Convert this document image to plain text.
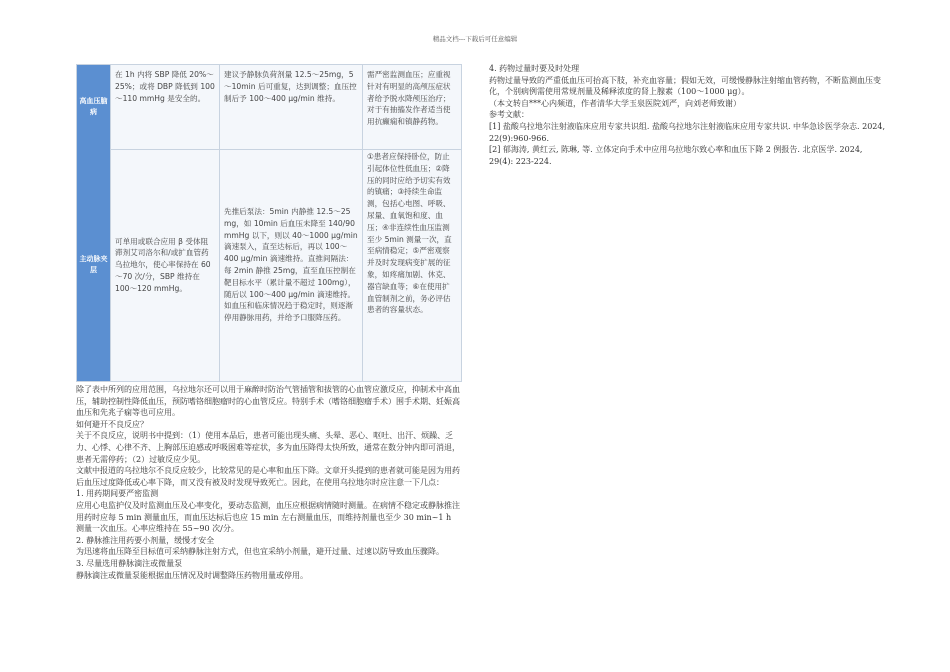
精品文档---下载后可任意编辑
高血压脑病
在 1h 内将 SBP 降低 20%～25%；或将 DBP 降低到 100～110 mmHg 是安全的。
建议予静脉负荷剂量 12.5～25mg，5～10min 后可重复，达到调整；血压控制后予 100～400 μg/min 维持。
需严密监测血压；应重视针对有明显的高颅压症状者给予脱水降颅压治疗；对于有抽搐发作者适当使用抗癫痫和镇静药物。
主动脉夹层
可单用或联合应用 β 受体阻滞剂艾司洛尔和/或扩血管药乌拉地尔，使心率保持在 60～70 次/分，SBP 维持在 100～120 mmHg。
先推后泵法：5min 内静推 12.5～25 mg，如 10min 后血压未降至 140/90 mmHg 以下，则以 40～1000 μg/min 滴速泵入，直至达标后，再以 100～400 μg/min 滴速维持。直推间隔法：每 2min 静推 25mg，直至血压控制在靶目标水平（累计量不超过 100mg），随后以 100～400 μg/min 滴速维持。如血压和临床情况趋于稳定时，则逐渐停用静脉用药，并给予口服降压药。
①患者应保持卧位，防止引起体位性低血压；②降压的同时应给予切实有效的镇痛；③持续生命监测，包括心电图、呼吸、尿量、血氧饱和度、血压；④非连续性血压监测至少 5min 测量一次，直至病情稳定；⑤严密观察并及时发现病变扩展的征象，如疼痛加剧、休克、器官缺血等；⑥在使用扩血管制剂之前，务必评估患者的容量状态。

除了表中所列的应用范围，乌拉地尔还可以用于麻醉时防治气管插管和拔管的心血管应激反应，抑制术中高血压，辅助控制性降低血压，预防嗜铬细胞瘤时的心血管反应。特别手术（嗜铬细胞瘤手术）围手术期、妊娠高血压和先兆子痫等也可应用。

如何避开不良反应？

关于不良反应，说明书中提到：（1）使用本品后，患者可能出现头痛、头晕、恶心、呕吐、出汗、烦躁、乏力、心悸、心律不齐、上胸部压迫感或呼吸困难等症状，多为血压降得太快所致，通常在数分钟内即可消退，患者无需停药；（2）过敏反应少见。

文献中报道的乌拉地尔不良反应较少，比较常见的是心率和血压下降。文章开头提到的患者就可能是因为用药后血压过度降低或心率下降，而又没有被及时发现导致死亡。因此，在使用乌拉地尔时应注意一下几点：

1. 用药期间要严密监测

应用心电监护仪及时监测血压及心率变化，要动态监测，血压应根据病情随时测量。在病情不稳定或静脉推注用药时应每 5 min 测量血压，而血压达标后也应 15 min 左右测量血压，而维持剂量也至少 30 min~1 h 测量一次血压。心率应维持在 55~90 次/分。

2. 静脉推注用药要小剂量，缓慢才安全

为迅速将血压降至目标值可采纳静脉注射方式，但也宜采纳小剂量，避开过量、过速以防导致血压骤降。

3. 尽量选用静脉滴注或微量泵

静脉滴注或微量泵能根据血压情况及时调整降压药物用量或停用。

4. 药物过量时要及时处理

药物过量导致的严重低血压可抬高下肢，补充血容量；假如无效，可缓慢静脉注射缩血管药物，不断监测血压变化，个别病例需使用常规剂量及稀释浓度的肾上腺素（100～1000 μg）。

（本文转自***心内频道，作者清华大学玉泉医院刘严，向刘老师致谢）

参考文献：

[1] 盐酸乌拉地尔注射液临床应用专家共识组. 盐酸乌拉地尔注射液临床应用专家共识. 中华急诊医学杂志. 2024, 22(9):960-966.

[2] 郁海涛, 黄红云, 陈琳, 等. 立体定向手术中应用乌拉地尔致心率和血压下降 2 例报告. 北京医学. 2024, 29(4): 223-224.
